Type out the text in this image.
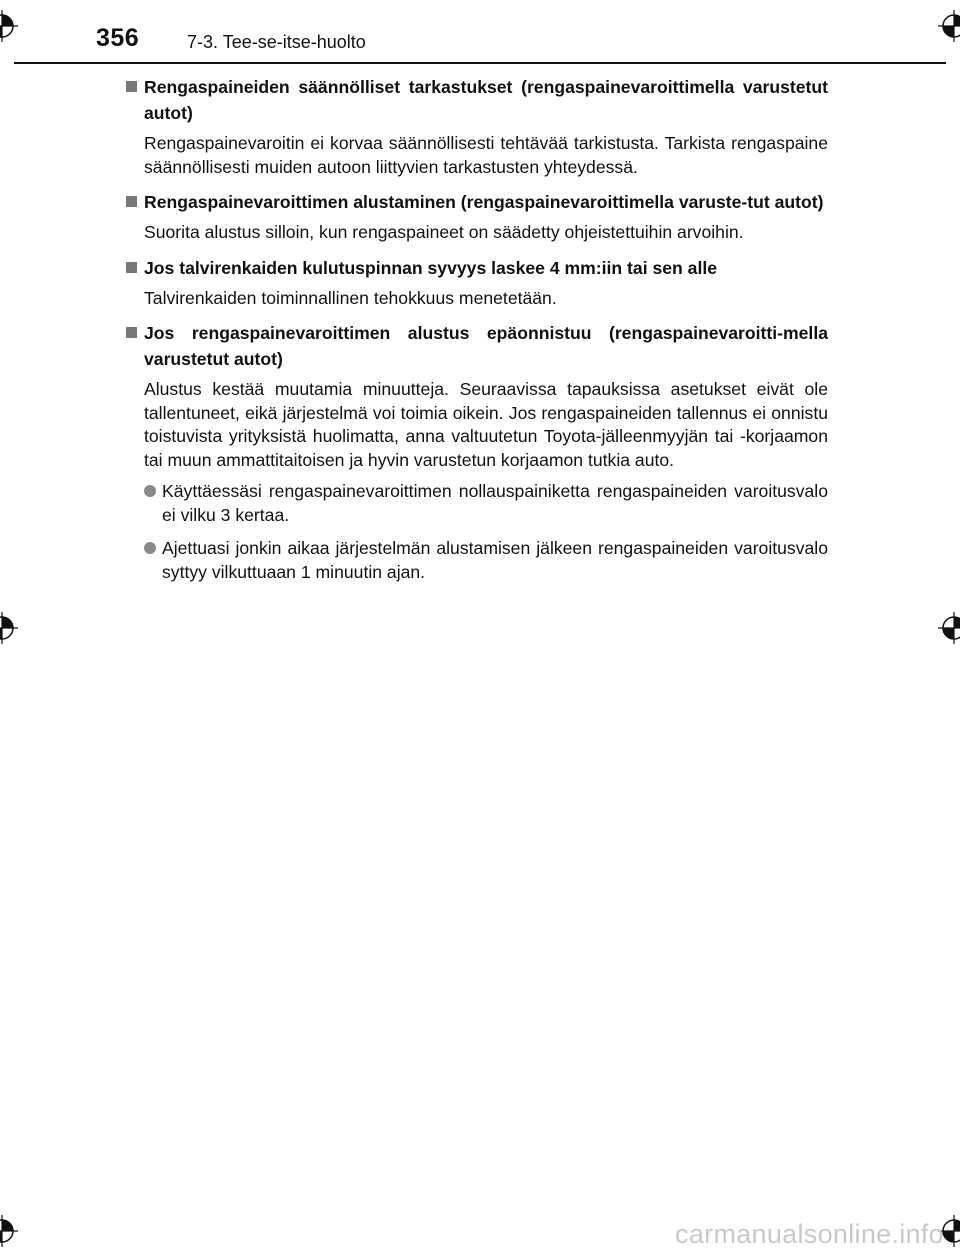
356	7-3. Tee-se-itse-huolto
Rengaspaineiden säännölliset tarkastukset (rengaspainevaroittimella varustetut autot)
Rengaspainevaroitin ei korvaa säännöllisesti tehtävää tarkistusta. Tarkista rengaspaine säännöllisesti muiden autoon liittyvien tarkastusten yhteydessä.
Rengaspainevaroittimen alustaminen (rengaspainevaroittimella varuste-tut autot)
Suorita alustus silloin, kun rengaspaineet on säädetty ohjeistettuihin arvoihin.
Jos talvirenkaiden kulutuspinnan syvyys laskee 4 mm:iin tai sen alle
Talvirenkaiden toiminnallinen tehokkuus menetetään.
Jos rengaspainevaroittimen alustus epäonnistuu (rengaspainevaroitti-mella varustetut autot)
Alustus kestää muutamia minuutteja. Seuraavissa tapauksissa asetukset eivät ole tallentuneet, eikä järjestelmä voi toimia oikein. Jos rengaspaineiden tallennus ei onnistu toistuvista yrityksistä huolimatta, anna valtuutetun Toyota-jälleenmyyjän tai -korjaamon tai muun ammattitaitoisen ja hyvin varustetun korjaamon tutkia auto.
Käyttäessäsi rengaspainevaroittimen nollauspainiketta rengaspaineiden varoitusvalo ei vilku 3 kertaa.
Ajettuasi jonkin aikaa järjestelmän alustamisen jälkeen rengaspaineiden varoitusvalo syttyy vilkuttuaan 1 minuutin ajan.
carmanualsonline.info
